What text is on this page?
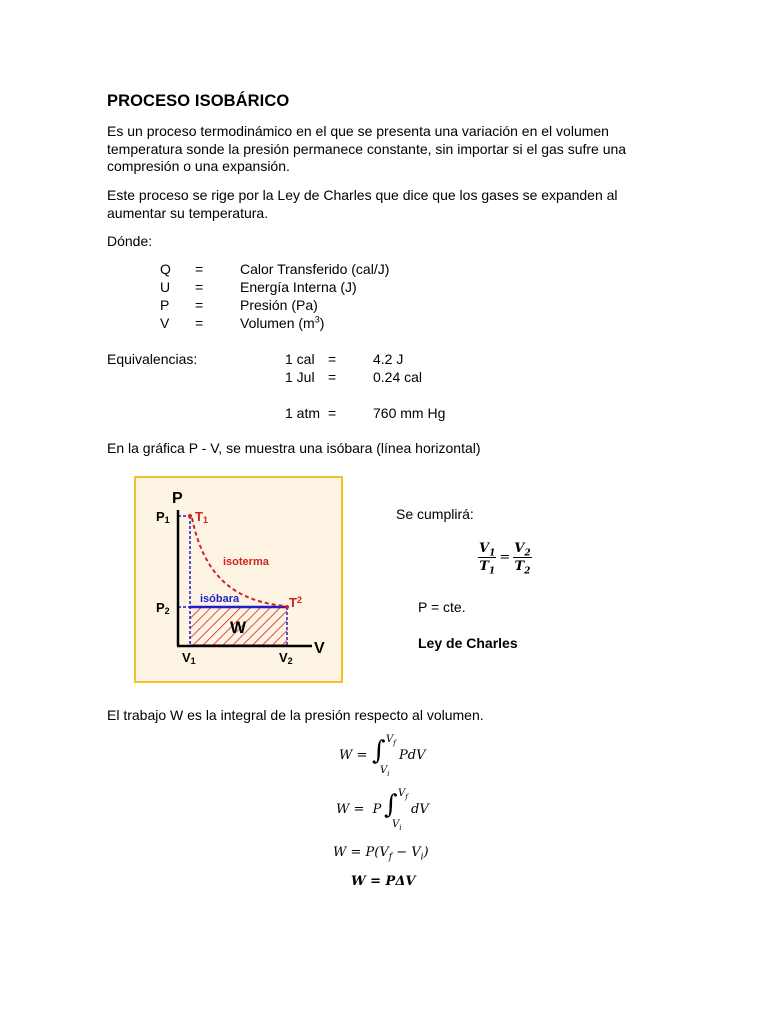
PROCESO ISOBÁRICO
Es un proceso termodinámico en el que se presenta una variación en el volumen temperatura sonde la presión permanece constante, sin importar si el gas sufre una compresión o una expansión.
Este proceso se rige por la Ley de Charles que dice que los gases se expanden al aumentar su temperatura.
Dónde:
Q =	Calor Transferido (cal/J)
U =	Energía Interna (J)
P =	Presión (Pa)
V =	Volumen $(m^3)$
Equivalencias:	1 cal =	4.2 J
1 Jul =	0.24 cal
1 atm =	760 mm Hg
En la gráfica P - V, se muestra una isóbara (línea horizontal)
P
V
P1
P2
T1
$T^2$
V1	V2
isoterma
isóbara
W
Se cumplirá:
$\frac{V_1}{T_1} = \frac{V_2}{T_2}$
P = cte.
Ley de Charles
El trabajo W es la integral de la presión respecto al volumen.
W = ∫ $V_f$
$V_i$
PdV
W =  P ∫ $V_f$
$V_i$
dV
$W = P(V_f - V_i)$
W = PΔV
